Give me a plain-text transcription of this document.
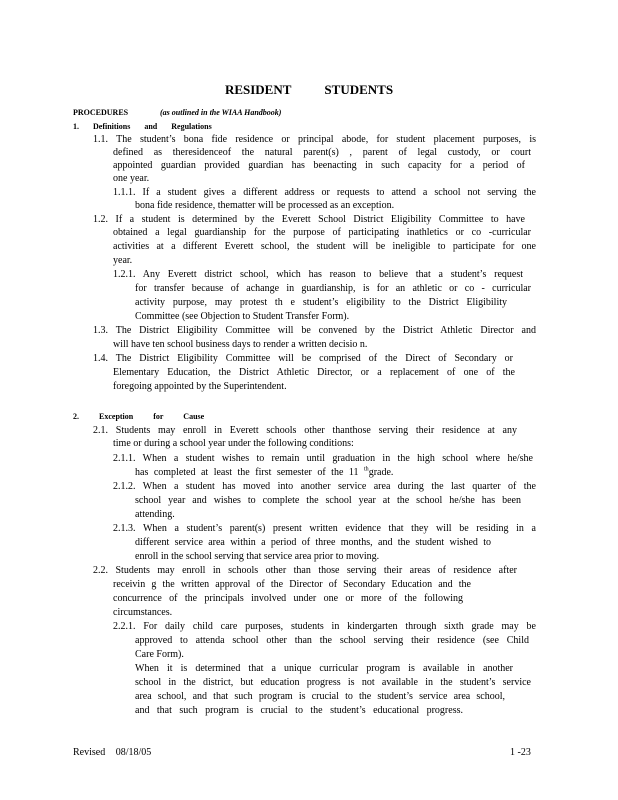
RESIDENT STUDENTS
PROCEDURES	(as outlined in the WIAA Handbook)
1. Definitions and Regulations
1.1. The student’s bona fide residence or principal abode, for student placement purposes, is
defined as theresidenceof the natural parent(s) , parent of legal custody, or court
appointed guardian provided guardian has beenacting in such capacity for a period of
one year.
1.1.1. If a student gives a different address or requests to attend a school not serving the
bona fide residence, thematter will be processed as an exception.
1.2. If a student is determined by the Everett School District Eligibility Committee to have
obtained a legal guardianship for the purpose of participating inathletics or co -curricular
activities at a different Everett school, the student will be ineligible to participate for one
year.
1.2.1. Any Everett district school, which has reason to believe that a student’s request
for transfer because of achange in guardianship, is for an athletic or co - curricular
activity purpose, may protest th e student’s eligibility to the District Eligibility
Committee (see Objection to Student Transfer Form).
1.3. The District Eligibility Committee will be convened by the District Athletic Director and
will have ten school business days to render a written decisio n.
1.4. The District Eligibility Committee will be comprised of the Direct of Secondary or
Elementary Education, the District Athletic Director, or a replacement of one of the
foregoing appointed by the Superintendent.
2. Exception for Cause
2.1. Students may enroll in Everett schools other thanthose serving their residence at any
time or during a school year under the following conditions:
2.1.1. When a student wishes to remain until graduation in the high school where he/she
has completed at least the first semester of the 11 $^{th}$grade.
2.1.2. When a student has moved into another service area during the last quarter of the
school year and wishes to complete the school year at the school he/she has been
attending.
2.1.3. When a student’s parent(s) present written evidence that they will be residing in a
different service area within a period of three months, and the student wished to
enroll in the school serving that service area prior to moving.
2.2. Students may enroll in schools other than those serving their areas of residence after
receivin g the written approval of the Director of Secondary Education and the
concurrence of the principals involved under one or more of the following
circumstances.
2.2.1. For daily child care purposes, students in kindergarten through sixth grade may be
approved to attenda school other than the school serving their residence (see Child
Care Form).
When it is determined that a unique curricular program is available in another
school in the district, but education progress is not available in the student’s service
area school, and that such program is crucial to the student’s service area school,
and that such program is crucial to the student’s educational progress.
Revised 08/18/05	1 -23
